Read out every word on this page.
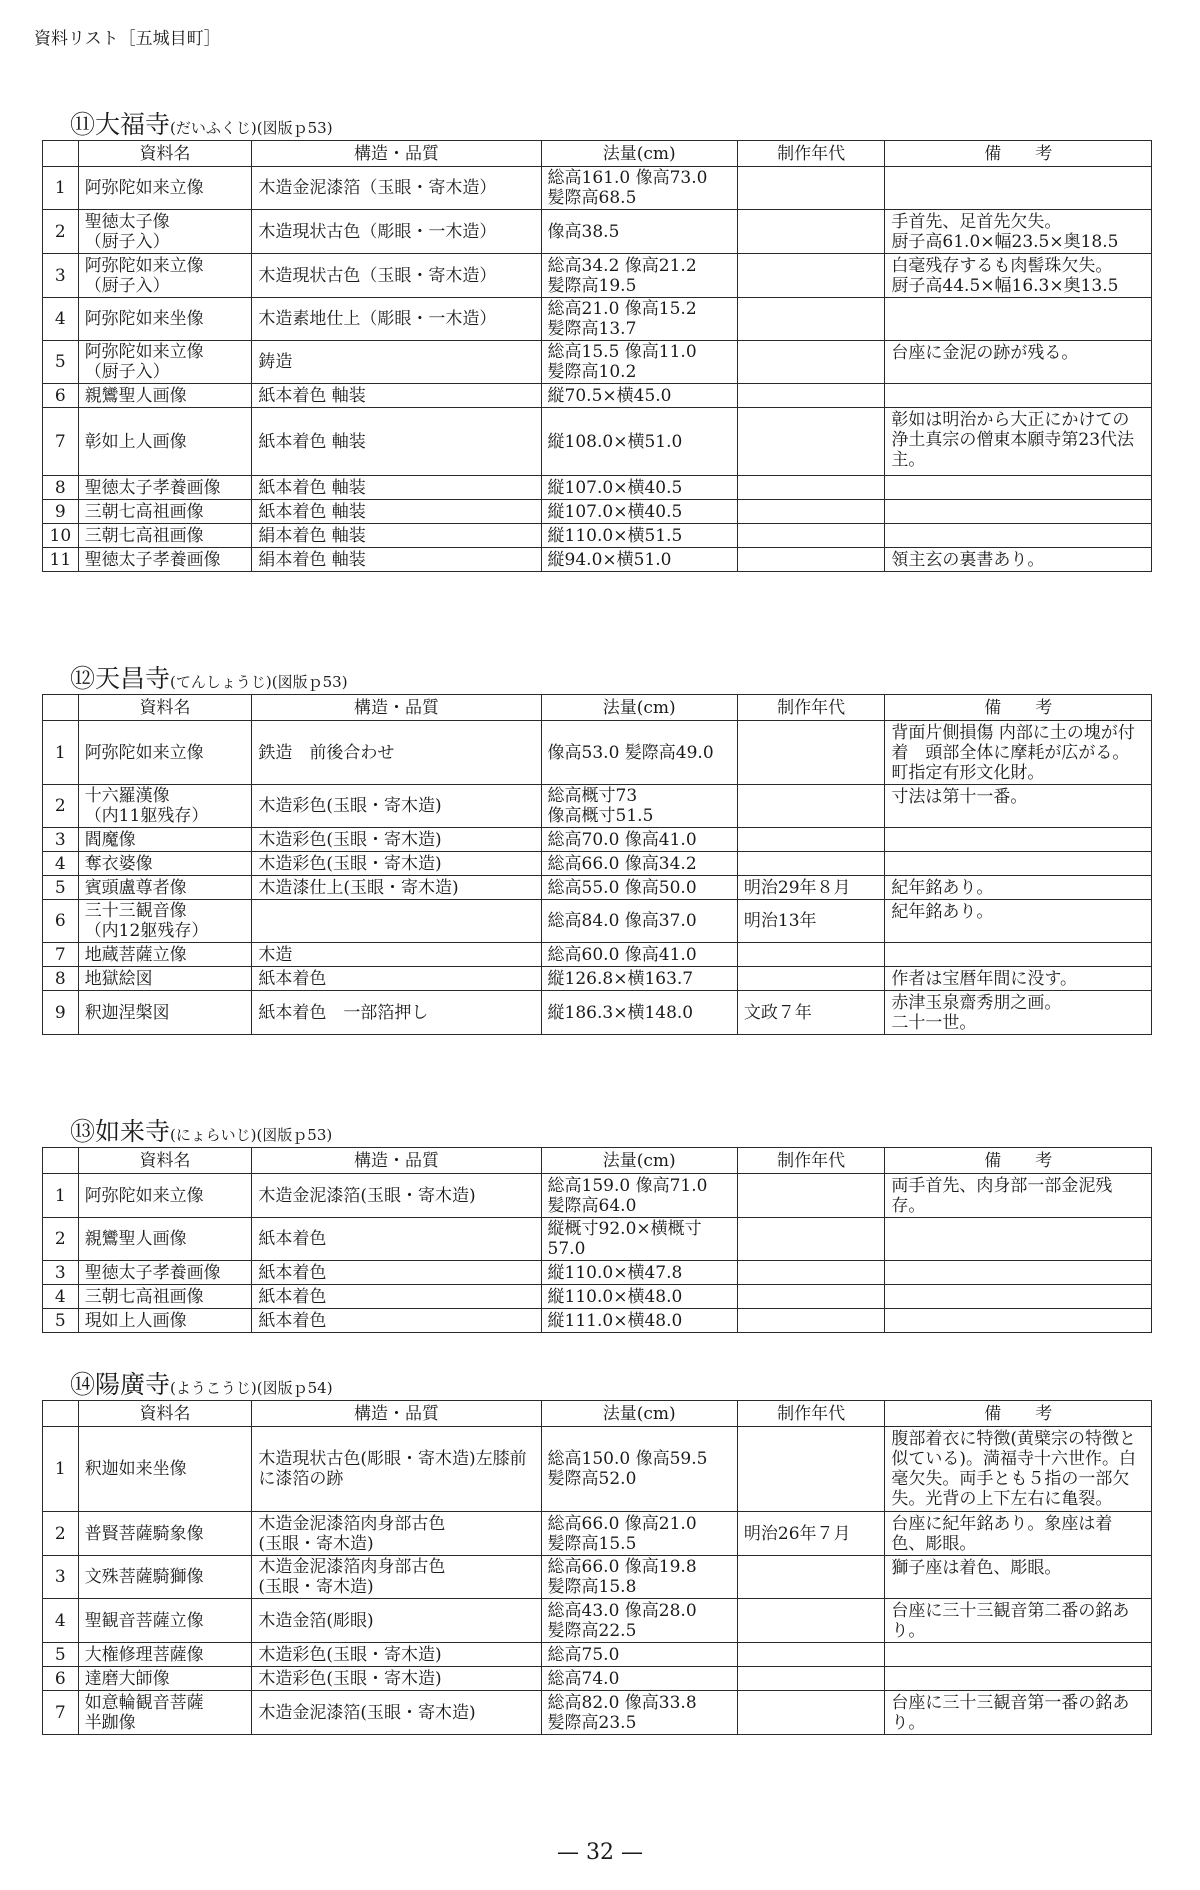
資料リスト［五城目町］
⑪大福寺(だいふくじ)(図版ｐ53)
	資料名	構造・品質	法量(cm)	制作年代	備　　考
1	阿弥陀如来立像	木造金泥漆箔（玉眼・寄木造）	総高161.0 像高73.0
髪際高68.5		
2	聖徳太子像
（厨子入）	木造現状古色（彫眼・一木造）	像高38.5		手首先、足首先欠失。
厨子高61.0×幅23.5×奥18.5
3	阿弥陀如来立像
（厨子入）	木造現状古色（玉眼・寄木造）	総高34.2 像高21.2
髪際高19.5		白毫残存するも肉髻珠欠失。
厨子高44.5×幅16.3×奥13.5
4	阿弥陀如来坐像	木造素地仕上（彫眼・一木造）	総高21.0 像高15.2
髪際高13.7		
5	阿弥陀如来立像
（厨子入）	鋳造	総高15.5 像高11.0
髪際高10.2		台座に金泥の跡が残る。
6	親鸞聖人画像	紙本着色 軸装	縦70.5×横45.0		
7	彰如上人画像	紙本着色 軸装	縦108.0×横51.0		彰如は明治から大正にかけての浄土真宗の僧東本願寺第23代法主。
8	聖徳太子孝養画像	紙本着色 軸装	縦107.0×横40.5		
9	三朝七高祖画像	紙本着色 軸装	縦107.0×横40.5		
10	三朝七高祖画像	絹本着色 軸装	縦110.0×横51.5		
11	聖徳太子孝養画像	絹本着色 軸装	縦94.0×横51.0		領主玄の裏書あり。
⑫天昌寺(てんしょうじ)(図版ｐ53)
	資料名	構造・品質	法量(cm)	制作年代	備　　考
1	阿弥陀如来立像	鉄造　前後合わせ	像高53.0 髪際高49.0		背面片側損傷 内部に土の塊が付着　頭部全体に摩耗が広がる。町指定有形文化財。
2	十六羅漢像
（内11躯残存）	木造彩色(玉眼・寄木造)	総高概寸73
像高概寸51.5		寸法は第十一番。
3	閻魔像	木造彩色(玉眼・寄木造)	総高70.0 像高41.0		
4	奪衣婆像	木造彩色(玉眼・寄木造)	総高66.0 像高34.2		
5	賓頭盧尊者像	木造漆仕上(玉眼・寄木造)	総高55.0 像高50.0	明治29年８月	紀年銘あり。
6	三十三観音像
（内12躯残存）		総高84.0 像高37.0	明治13年	紀年銘あり。
7	地蔵菩薩立像	木造	総高60.0 像高41.0		
8	地獄絵図	紙本着色	縦126.8×横163.7		作者は宝暦年間に没す。
9	釈迦涅槃図	紙本着色　一部箔押し	縦186.3×横148.0	文政７年	赤津玉泉齋秀朋之画。
二十一世。
⑬如来寺(にょらいじ)(図版ｐ53)
	資料名	構造・品質	法量(cm)	制作年代	備　　考
1	阿弥陀如来立像	木造金泥漆箔(玉眼・寄木造)	総高159.0 像高71.0
髪際高64.0		両手首先、肉身部一部金泥残存。
2	親鸞聖人画像	紙本着色	縦概寸92.0×横概寸57.0		
3	聖徳太子孝養画像	紙本着色	縦110.0×横47.8		
4	三朝七高祖画像	紙本着色	縦110.0×横48.0		
5	現如上人画像	紙本着色	縦111.0×横48.0		
⑭陽廣寺(ようこうじ)(図版ｐ54)
	資料名	構造・品質	法量(cm)	制作年代	備　　考
1	釈迦如来坐像	木造現状古色(彫眼・寄木造)左膝前に漆箔の跡	総高150.0 像高59.5
髪際高52.0		腹部着衣に特徴(黄檗宗の特徴と似ている)。満福寺十六世作。白毫欠失。両手とも５指の一部欠失。光背の上下左右に亀裂。
2	普賢菩薩騎象像	木造金泥漆箔肉身部古色
(玉眼・寄木造)	総高66.0 像高21.0
髪際高15.5	明治26年７月	台座に紀年銘あり。象座は着色、彫眼。
3	文殊菩薩騎獅像	木造金泥漆箔肉身部古色
(玉眼・寄木造)	総高66.0 像高19.8
髪際高15.8		獅子座は着色、彫眼。
4	聖観音菩薩立像	木造金箔(彫眼)	総高43.0 像高28.0
髪際高22.5		台座に三十三観音第二番の銘あり。
5	大権修理菩薩像	木造彩色(玉眼・寄木造)	総高75.0		
6	達磨大師像	木造彩色(玉眼・寄木造)	総高74.0		
7	如意輪観音菩薩
半跏像	木造金泥漆箔(玉眼・寄木造)	総高82.0 像高33.8
髪際高23.5		台座に三十三観音第一番の銘あり。
— 32 —
